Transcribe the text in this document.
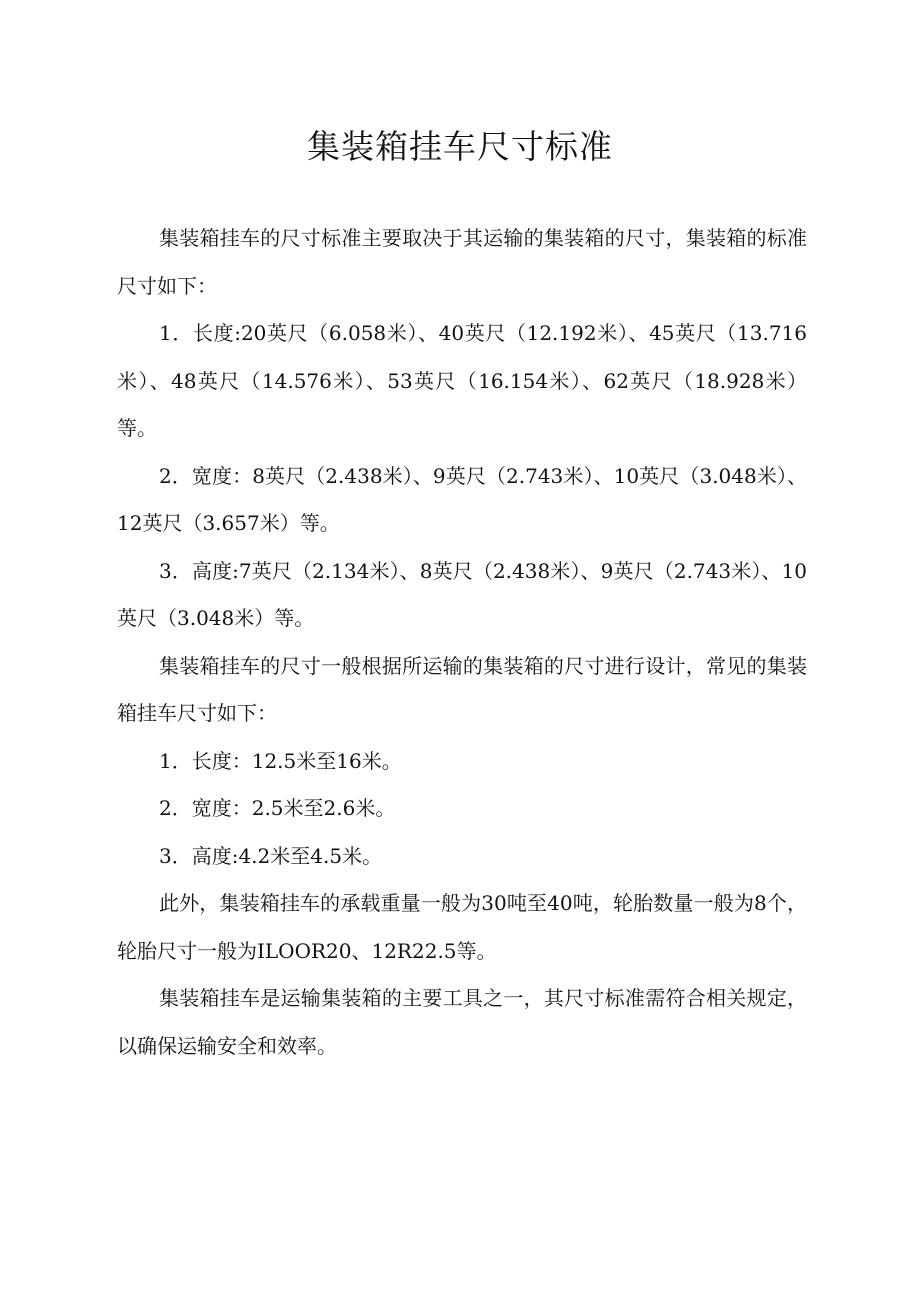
集装箱挂车尺寸标准

集装箱挂车的尺寸标准主要取决于其运输的集装箱的尺寸，集装箱的标准尺寸如下：

1．长度:20英尺（6.058米）、40英尺（12.192米）、45英尺（13.716米）、48英尺（14.576米）、53英尺（16.154米）、62英尺（18.928米）等。

2．宽度：8英尺（2.438米）、9英尺（2.743米）、10英尺（3.048米）、12英尺（3.657米）等。

3．高度:7英尺（2.134米）、8英尺（2.438米）、9英尺（2.743米）、10英尺（3.048米）等。

集装箱挂车的尺寸一般根据所运输的集装箱的尺寸进行设计，常见的集装箱挂车尺寸如下：

1．长度：12.5米至16米。

2．宽度：2.5米至2.6米。

3．高度:4.2米至4.5米。

此外，集装箱挂车的承载重量一般为30吨至40吨，轮胎数量一般为8个，轮胎尺寸一般为ILOOR20、12R22.5等。

集装箱挂车是运输集装箱的主要工具之一，其尺寸标准需符合相关规定，以确保运输安全和效率。
